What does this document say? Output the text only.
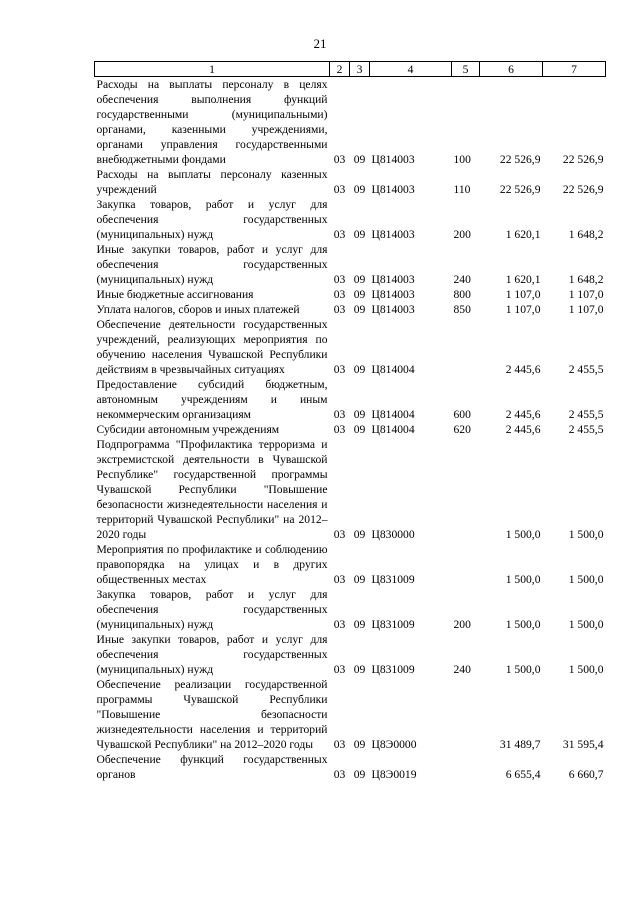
21
1	2	3	4	5	6	7
Расходы на выплаты персоналу в целях обеспечения выполнения функций государственными (муниципальными) органами, казенными учреждениями, органами управления государственными внебюджетными фондами	03	09	Ц814003	100	22 526,9	22 526,9
Расходы на выплаты персоналу казенных учреждений	03	09	Ц814003	110	22 526,9	22 526,9
Закупка товаров, работ и услуг для обеспечения государственных (муниципальных) нужд	03	09	Ц814003	200	1 620,1	1 648,2
Иные закупки товаров, работ и услуг для обеспечения государственных (муниципальных) нужд	03	09	Ц814003	240	1 620,1	1 648,2
Иные бюджетные ассигнования	03	09	Ц814003	800	1 107,0	1 107,0
Уплата налогов, сборов и иных платежей	03	09	Ц814003	850	1 107,0	1 107,0
Обеспечение деятельности государственных учреждений, реализующих мероприятия по обучению населения Чувашской Республики действиям в чрезвычайных ситуациях	03	09	Ц814004		2 445,6	2 455,5
Предоставление субсидий бюджетным, автономным учреждениям и иным некоммерческим организациям	03	09	Ц814004	600	2 445,6	2 455,5
Субсидии автономным учреждениям	03	09	Ц814004	620	2 445,6	2 455,5
Подпрограмма "Профилактика терроризма и экстремистской деятельности в Чувашской Республике" государственной программы Чувашской Республики "Повышение безопасности жизнедеятельности населения и территорий Чувашской Республики" на 2012–2020 годы	03	09	Ц830000		1 500,0	1 500,0
Мероприятия по профилактике и соблюдению правопорядка на улицах и в других общественных местах	03	09	Ц831009		1 500,0	1 500,0
Закупка товаров, работ и услуг для обеспечения государственных (муниципальных) нужд	03	09	Ц831009	200	1 500,0	1 500,0
Иные закупки товаров, работ и услуг для обеспечения государственных (муниципальных) нужд	03	09	Ц831009	240	1 500,0	1 500,0
Обеспечение реализации государственной программы Чувашской Республики "Повышение безопасности жизнедеятельности населения и территорий Чувашской Республики" на 2012–2020 годы	03	09	Ц8Э0000		31 489,7	31 595,4
Обеспечение функций государственных органов	03	09	Ц8Э0019		6 655,4	6 660,7
